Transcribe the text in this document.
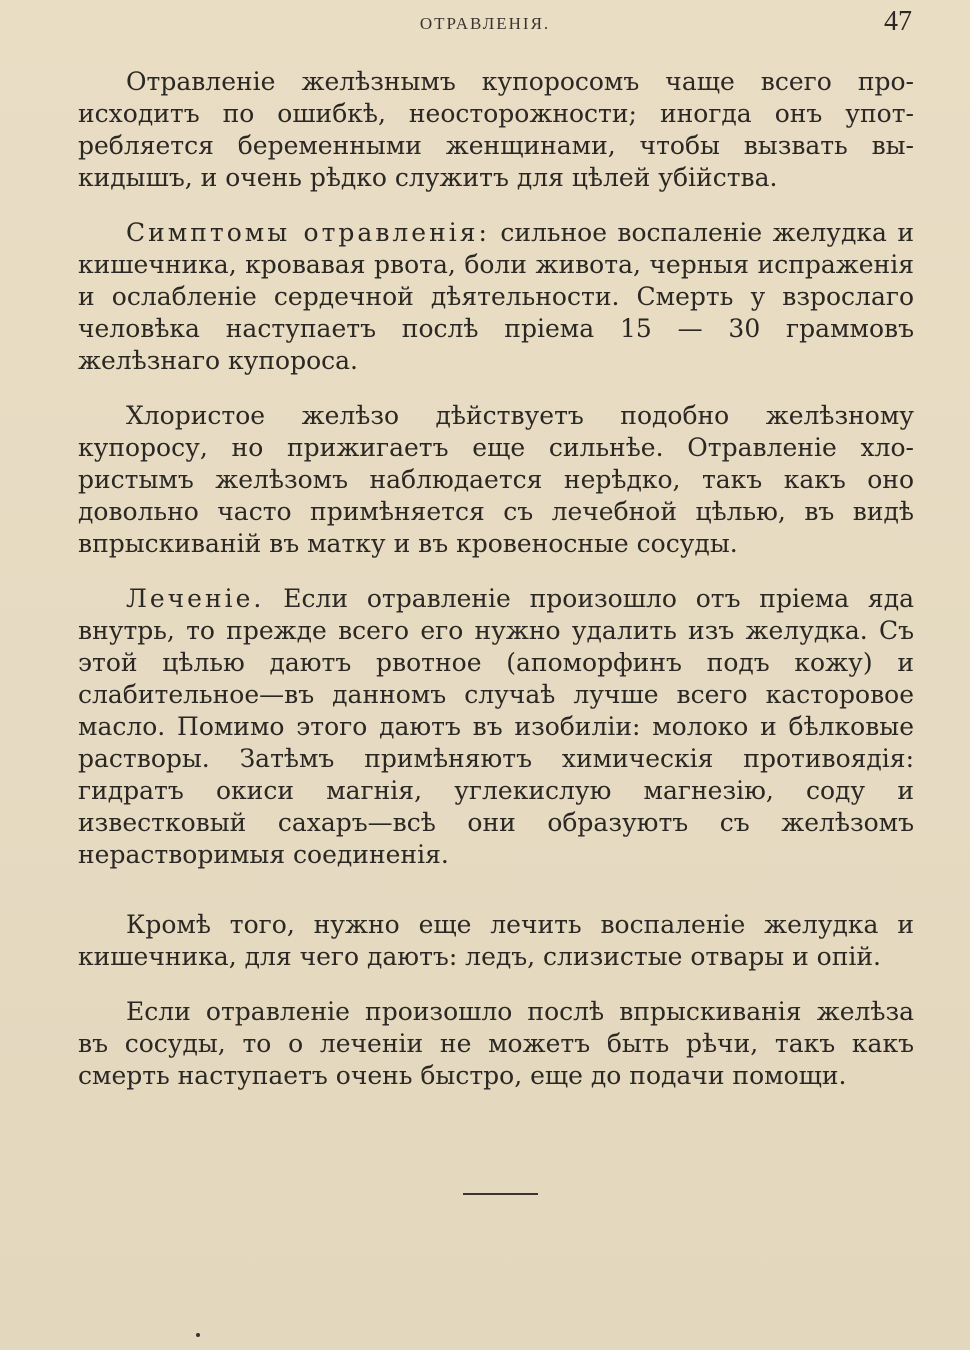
ОТРАВЛЕНІЯ.	47

Отравленіе желѣзнымъ купоросомъ чаще всего происходитъ по ошибкѣ, неосторожности; иногда онъ употребляется беременными женщинами, чтобы вызвать выкидышъ, и очень рѣдко служитъ для цѣлей убійства.

Симптомы отравленія: сильное воспаленіе желудка и кишечника, кровавая рвота, боли живота, черныя испраженія и ослабленіе сердечной дѣятельности. Смерть у взрослаго человѣка наступаетъ послѣ пріема 15 — 30 граммовъ желѣзнаго купороса.

Хлористое желѣзо дѣйствуетъ подобно желѣзному купоросу, но прижигаетъ еще сильнѣе. Отравленіе хлористымъ желѣзомъ наблюдается нерѣдко, такъ какъ оно довольно часто примѣняется съ лечебной цѣлью, въ видѣ впрыскиваній въ матку и въ кровеносные сосуды.

Леченіе. Если отравленіе произошло отъ пріема яда внутрь, то прежде всего его нужно удалить изъ желудка. Съ этой цѣлью даютъ рвотное (апоморфинъ подъ кожу) и слабительное—въ данномъ случаѣ лучше всего касторовое масло. Помимо этого даютъ въ изобиліи: молоко и бѣлковые растворы. Затѣмъ примѣняютъ химическія противоядія: гидратъ окиси магнія, углекислую магнезію, соду и известковый сахаръ—всѣ они образуютъ съ желѣзомъ нерастворимыя соединенія.

Кромѣ того, нужно еще лечить воспаленіе желудка и кишечника, для чего даютъ: ледъ, слизистые отвары и опій.

Если отравленіе произошло послѣ впрыскиванія желѣза въ сосуды, то о леченіи не можетъ быть рѣчи, такъ какъ смерть наступаетъ очень быстро, еще до подачи помощи.
